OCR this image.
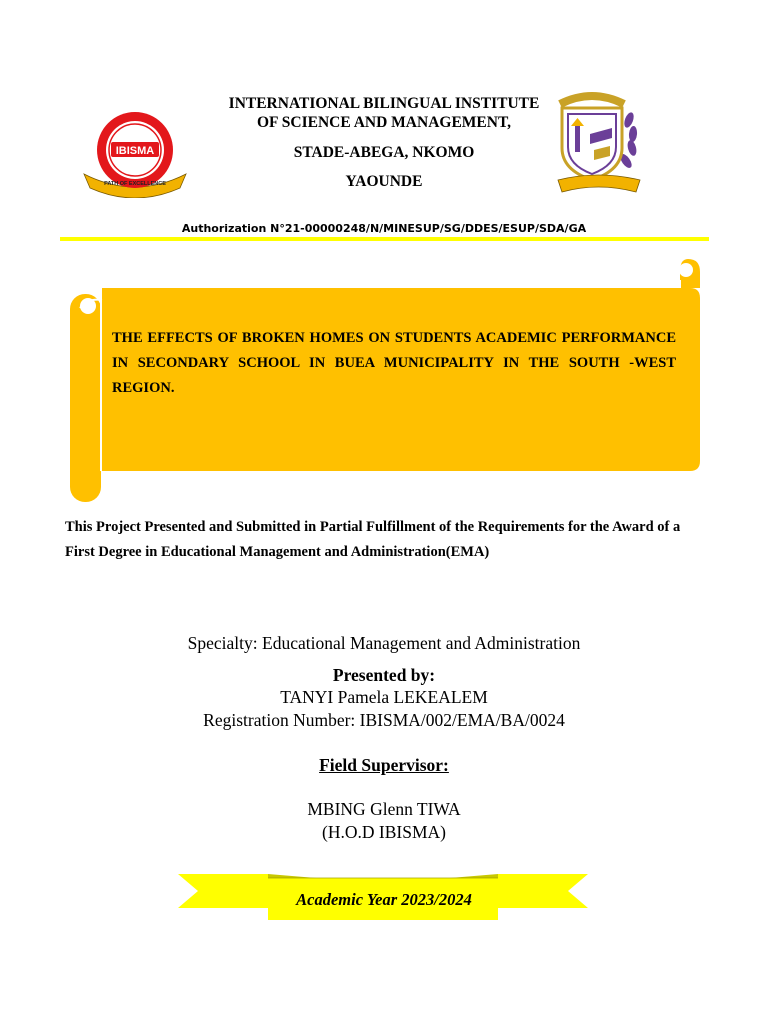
IBISMA
PATH OF EXCELLENCE
INTERNATIONAL BILINGUAL INSTITUTE
OF SCIENCE AND MANAGEMENT,
STADE-ABEGA, NKOMO
YAOUNDE
Authorization N°21-00000248/N/MINESUP/SG/DDES/ESUP/SDA/GA
THE EFFECTS OF BROKEN HOMES ON STUDENTS ACADEMIC PERFORMANCE IN SECONDARY SCHOOL IN BUEA MUNICIPALITY IN THE SOUTH -WEST REGION.
This Project Presented and Submitted in Partial Fulfillment of the Requirements for the Award of a First Degree in Educational Management and Administration(EMA)
Specialty: Educational Management and Administration
Presented by:
TANYI Pamela LEKEALEM
Registration Number: IBISMA/002/EMA/BA/0024
Field Supervisor:
MBING Glenn TIWA
(H.O.D IBISMA)
Academic Year 2023/2024
